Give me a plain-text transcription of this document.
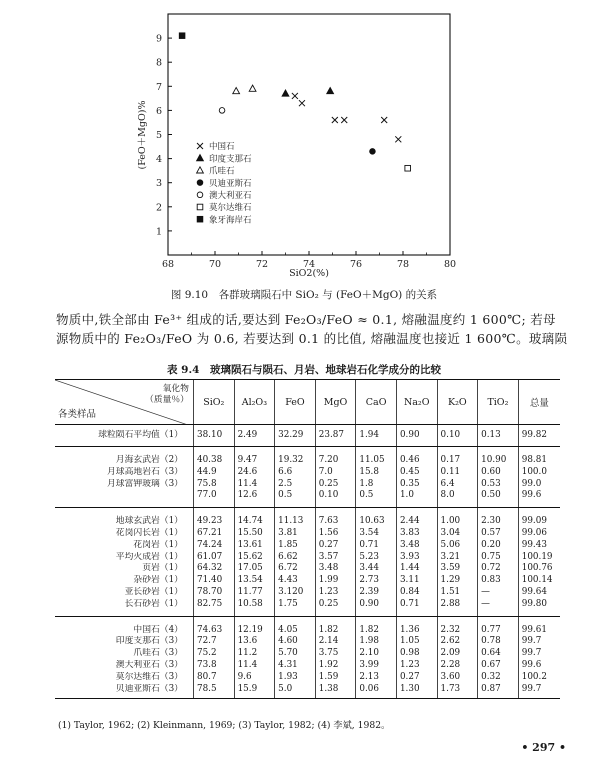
68	70	72	74	76	78	80
1
2
3
4
5
6
7
8
9
中国石
印度支那石
爪哇石
贝迪亚斯石
澳大利亚石
莫尔达维石
象牙海岸石
SiO2(%)
(FeO＋MgO)%
图 9.10　各群玻璃陨石中 SiO₂ 与 (FeO＋MgO) 的关系

物质中,铁全部由 Fe³⁺ 组成的话,要达到 Fe₂O₃/FeO ≈ 0.1, 熔融温度约 1 600℃; 若母

源物质中的 Fe₂O₃/FeO 为 0.6, 若要达到 0.1 的比值, 熔融温度也接近 1 600℃。玻璃陨

表 9.4　玻璃陨石与陨石、月岩、地球岩石化学成分的比较
氧化物
（质量％）
各类样品	SiO₂	Al₂O₃	FeO	MgO	CaO	Na₂O	K₂O	TiO₂	总量
球粒陨石平均值（1）	38.10	2.49	32.29	23.87	1.94	0.90	0.10	0.13	99.82
月海玄武岩（2）	40.38	9.47	19.32	7.20	11.05	0.46	0.17	10.90	98.81
月球高地岩石（3）	44.9	24.6	6.6	7.0	15.8	0.45	0.11	0.60	100.0
月球富钾玻璃（3）	75.8	11.4	2.5	0.25	1.8	0.35	6.4	0.53	99.0
	77.0	12.6	0.5	0.10	0.5	1.0	8.0	0.50	99.6
地球玄武岩（1）	49.23	14.74	11.13	7.63	10.63	2.44	1.00	2.30	99.09
花岗闪长岩（1）	67.21	15.50	3.81	1.56	3.54	3.83	3.04	0.57	99.06
花岗岩（1）	74.24	13.61	1.85	0.27	0.71	3.48	5.06	0.20	99.43
平均火成岩（1）	61.07	15.62	6.62	3.57	5.23	3.93	3.21	0.75	100.19
页岩（1）	64.32	17.05	6.72	3.48	3.44	1.44	3.59	0.72	100.76
杂砂岩（1）	71.40	13.54	4.43	1.99	2.73	3.11	1.29	0.83	100.14
亚长砂岩（1）	78.70	11.77	3.120	1.23	2.39	0.84	1.51	—	99.64
长石砂岩（1）	82.75	10.58	1.75	0.25	0.90	0.71	2.88	—	99.80
中国石（4）	74.63	12.19	4.05	1.82	1.82	1.36	2.32	0.77	99.61
印度支那石（3）	72.7	13.6	4.60	2.14	1.98	1.05	2.62	0.78	99.7
爪哇石（3）	75.2	11.2	5.70	3.75	2.10	0.98	2.09	0.64	99.7
澳大利亚石（3）	73.8	11.4	4.31	1.92	3.99	1.23	2.28	0.67	99.6
莫尔达维石（3）	80.7	9.6	1.93	1.59	2.13	0.27	3.60	0.32	100.2
贝迪亚斯石（3）	78.5	15.9	5.0	1.38	0.06	1.30	1.73	0.87	99.7
(1) Taylor, 1962; (2) Kleinmann, 1969; (3) Taylor, 1982; (4) 李斌, 1982。
• 297 •
